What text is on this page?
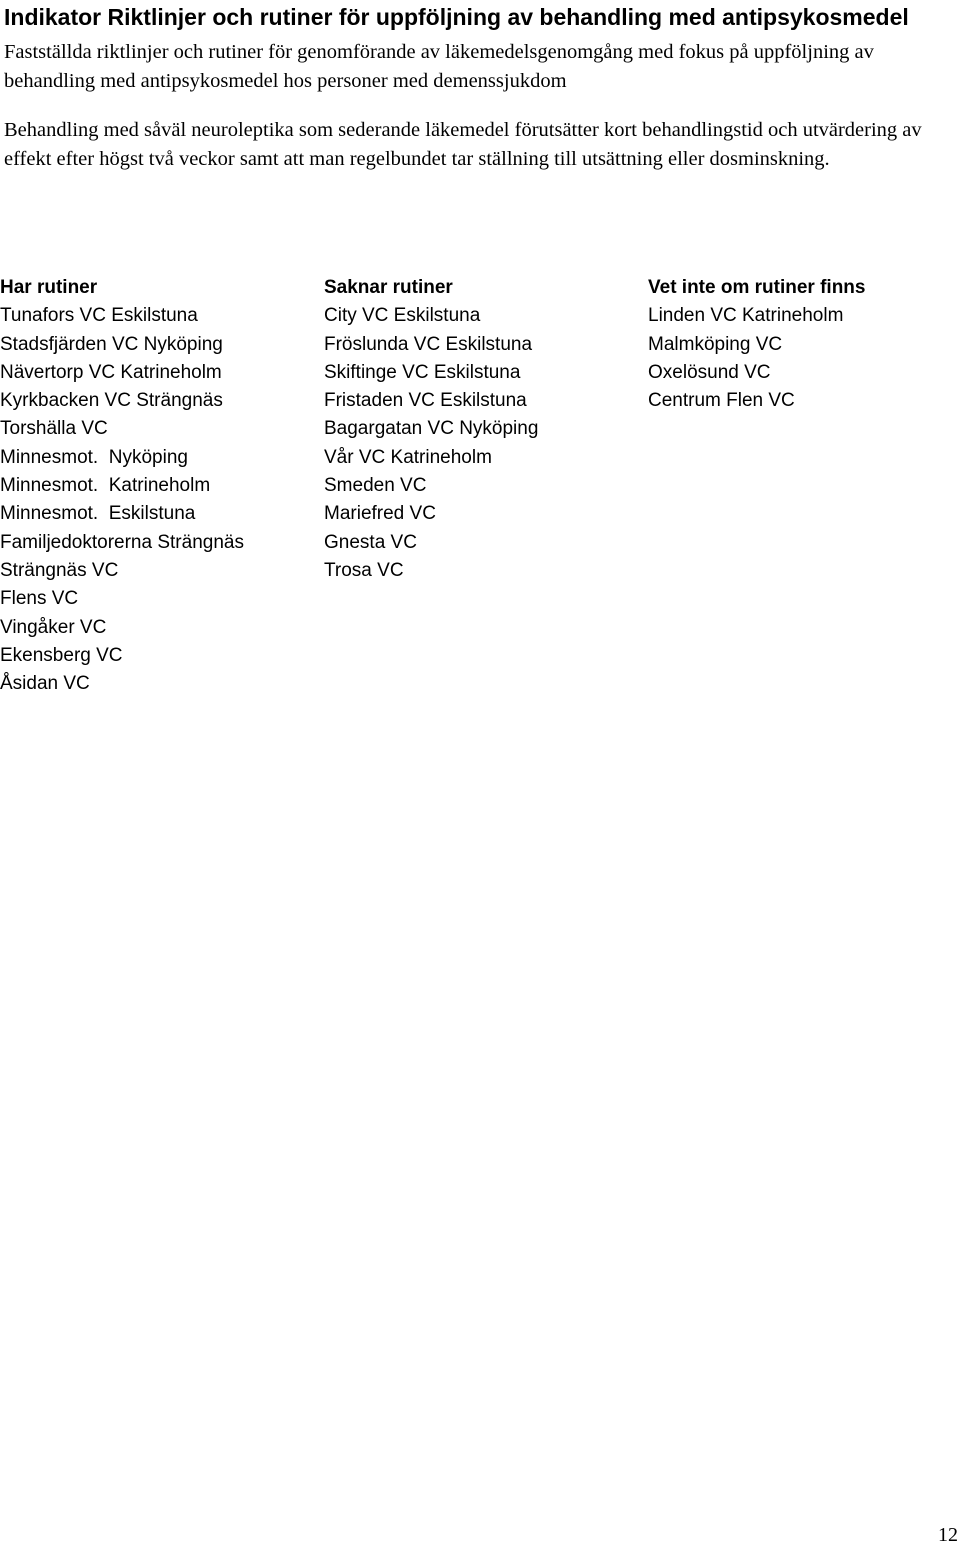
Indikator Riktlinjer och rutiner för uppföljning av behandling med antipsykosmedel

Fastställda riktlinjer och rutiner för genomförande av läkemedelsgenomgång med fokus på uppföljning av behandling med antipsykosmedel hos personer med demenssjukdom

Behandling med såväl neuroleptika som sederande läkemedel förutsätter kort behandlingstid och utvärdering av effekt efter högst två veckor samt att man regelbundet tar ställning till utsättning eller dosminskning.

Har rutiner
Tunafors VC Eskilstuna
Stadsfjärden VC Nyköping
Nävertorp VC Katrineholm
Kyrkbacken VC Strängnäs
Torshälla VC
Minnesmot.  Nyköping
Minnesmot.  Katrineholm
Minnesmot.  Eskilstuna
Familjedoktorerna Strängnäs
Strängnäs VC
Flens VC
Vingåker VC
Ekensberg VC
Åsidan VC
Saknar rutiner
City VC Eskilstuna
Fröslunda VC Eskilstuna
Skiftinge VC Eskilstuna
Fristaden VC Eskilstuna
Bagargatan VC Nyköping
Vår VC Katrineholm
Smeden VC
Mariefred VC
Gnesta VC
Trosa VC
Vet inte om rutiner finns
Linden VC Katrineholm
Malmköping VC
Oxelösund VC
Centrum Flen VC
12
